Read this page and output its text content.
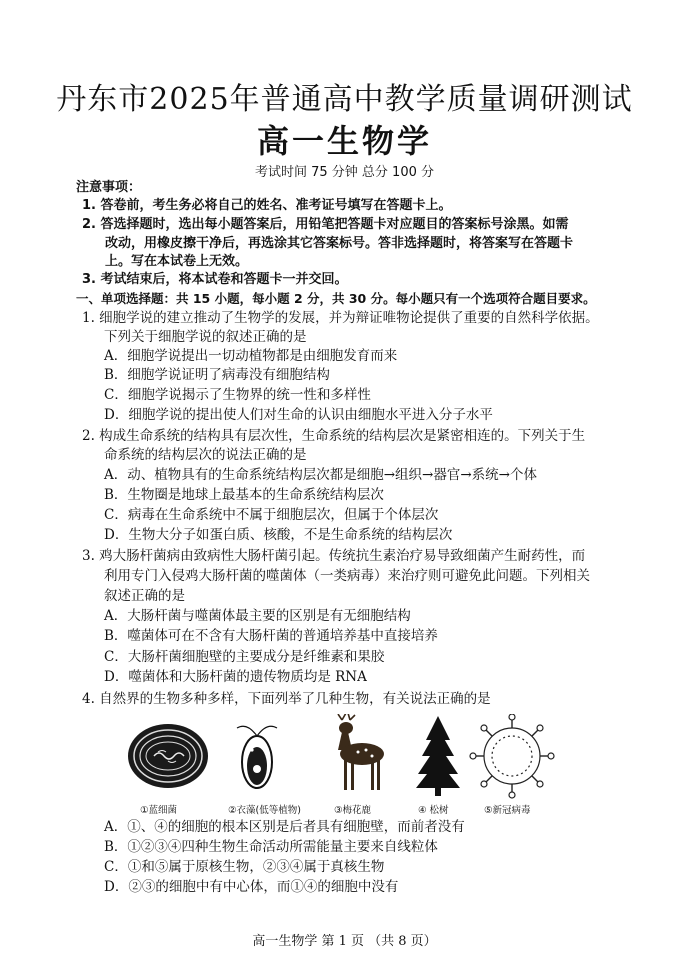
丹东市2025年普通高中教学质量调研测试
高一生物学
考试时间 75 分钟 总分 100 分
注意事项：
1. 答卷前，考生务必将自己的姓名、准考证号填写在答题卡上。
2. 答选择题时，选出每小题答案后，用铅笔把答题卡对应题目的答案标号涂黑。如需
改动，用橡皮擦干净后，再选涂其它答案标号。答非选择题时，将答案写在答题卡
上。写在本试卷上无效。
3. 考试结束后，将本试卷和答题卡一并交回。
一、单项选择题：共 15 小题，每小题 2 分，共 30 分。每小题只有一个选项符合题目要求。
1. 细胞学说的建立推动了生物学的发展，并为辩证唯物论提供了重要的自然科学依据。
下列关于细胞学说的叙述正确的是
A．细胞学说提出一切动植物都是由细胞发育而来
B．细胞学说证明了病毒没有细胞结构
C．细胞学说揭示了生物界的统一性和多样性
D．细胞学说的提出使人们对生命的认识由细胞水平进入分子水平
2. 构成生命系统的结构具有层次性，生命系统的结构层次是紧密相连的。下列关于生
命系统的结构层次的说法正确的是
A．动、植物具有的生命系统结构层次都是细胞→组织→器官→系统→个体
B．生物圈是地球上最基本的生命系统结构层次
C．病毒在生命系统中不属于细胞层次，但属于个体层次
D．生物大分子如蛋白质、核酸，不是生命系统的结构层次
3. 鸡大肠杆菌病由致病性大肠杆菌引起。传统抗生素治疗易导致细菌产生耐药性，而
利用专门入侵鸡大肠杆菌的噬菌体（一类病毒）来治疗则可避免此问题。下列相关
叙述正确的是
A．大肠杆菌与噬菌体最主要的区别是有无细胞结构
B．噬菌体可在不含有大肠杆菌的普通培养基中直接培养
C．大肠杆菌细胞壁的主要成分是纤维素和果胶
D．噬菌体和大肠杆菌的遗传物质均是 RNA
4. 自然界的生物多种多样，下面列举了几种生物，有关说法正确的是
①蓝细菌	②衣藻(低等植物)	③梅花鹿	④ 松树	⑤新冠病毒
A．①、④的细胞的根本区别是后者具有细胞壁，而前者没有
B．①②③④四种生物生命活动所需能量主要来自线粒体
C．①和⑤属于原核生物，②③④属于真核生物
D．②③的细胞中有中心体，而①④的细胞中没有
高一生物学 第 1 页 （共 8 页）
